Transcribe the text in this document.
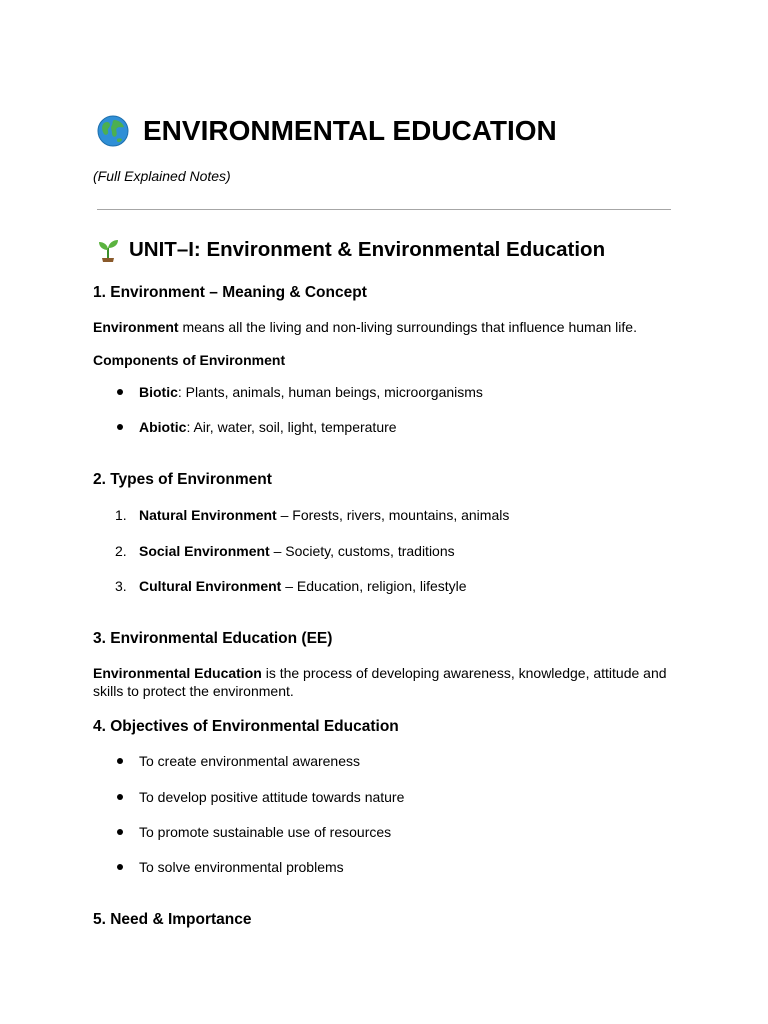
ENVIRONMENTAL EDUCATION
(Full Explained Notes)
UNIT–I: Environment & Environmental Education
1. Environment – Meaning & Concept
Environment means all the living and non-living surroundings that influence human life.
Components of Environment
Biotic: Plants, animals, human beings, microorganisms
Abiotic: Air, water, soil, light, temperature
2. Types of Environment
1. Natural Environment – Forests, rivers, mountains, animals
2. Social Environment – Society, customs, traditions
3. Cultural Environment – Education, religion, lifestyle
3. Environmental Education (EE)
Environmental Education is the process of developing awareness, knowledge, attitude and skills to protect the environment.
4. Objectives of Environmental Education
To create environmental awareness
To develop positive attitude towards nature
To promote sustainable use of resources
To solve environmental problems
5. Need & Importance
